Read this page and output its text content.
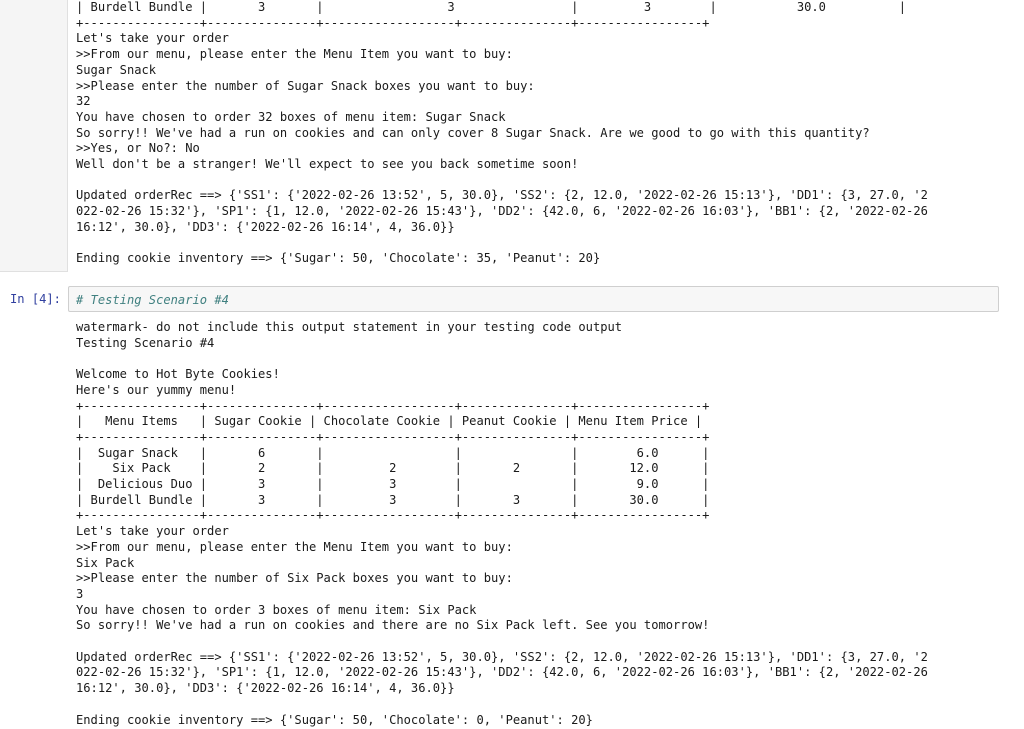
| Burdell Bundle |       3       |                 3                |         3        |           30.0          |
+----------------+---------------+------------------+---------------+-----------------+
Let's take your order
>>From our menu, please enter the Menu Item you want to buy:
Sugar Snack
>>Please enter the number of Sugar Snack boxes you want to buy:
32
You have chosen to order 32 boxes of menu item: Sugar Snack
So sorry!! We've had a run on cookies and can only cover 8 Sugar Snack. Are we good to go with this quantity?
>>Yes, or No?: No
Well don't be a stranger! We'll expect to see you back sometime soon!

Updated orderRec ==> {'SS1': {'2022-02-26 13:52', 5, 30.0}, 'SS2': {2, 12.0, '2022-02-26 15:13'}, 'DD1': {3, 27.0, '2
022-02-26 15:32'}, 'SP1': {1, 12.0, '2022-02-26 15:43'}, 'DD2': {42.0, 6, '2022-02-26 16:03'}, 'BB1': {2, '2022-02-26
16:12', 30.0}, 'DD3': {'2022-02-26 16:14', 4, 36.0}}

Ending cookie inventory ==> {'Sugar': 50, 'Chocolate': 35, 'Peanut': 20}
In [4]: # Testing Scenario #4
watermark- do not include this output statement in your testing code output
Testing Scenario #4

Welcome to Hot Byte Cookies!
Here's our yummy menu!
+----------------+---------------+------------------+---------------+-----------------+
|   Menu Items   | Sugar Cookie | Chocolate Cookie | Peanut Cookie | Menu Item Price |
+----------------+---------------+------------------+---------------+-----------------+
|  Sugar Snack   |       6       |                  |               |        6.0      |
|    Six Pack    |       2       |         2        |       2       |       12.0      |
|  Delicious Duo |       3       |         3        |               |        9.0      |
| Burdell Bundle |       3       |         3        |       3       |       30.0      |
+----------------+---------------+------------------+---------------+-----------------+
Let's take your order
>>From our menu, please enter the Menu Item you want to buy:
Six Pack
>>Please enter the number of Six Pack boxes you want to buy:
3
You have chosen to order 3 boxes of menu item: Six Pack
So sorry!! We've had a run on cookies and there are no Six Pack left. See you tomorrow!

Updated orderRec ==> {'SS1': {'2022-02-26 13:52', 5, 30.0}, 'SS2': {2, 12.0, '2022-02-26 15:13'}, 'DD1': {3, 27.0, '2
022-02-26 15:32'}, 'SP1': {1, 12.0, '2022-02-26 15:43'}, 'DD2': {42.0, 6, '2022-02-26 16:03'}, 'BB1': {2, '2022-02-26
16:12', 30.0}, 'DD3': {'2022-02-26 16:14', 4, 36.0}}

Ending cookie inventory ==> {'Sugar': 50, 'Chocolate': 0, 'Peanut': 20}
